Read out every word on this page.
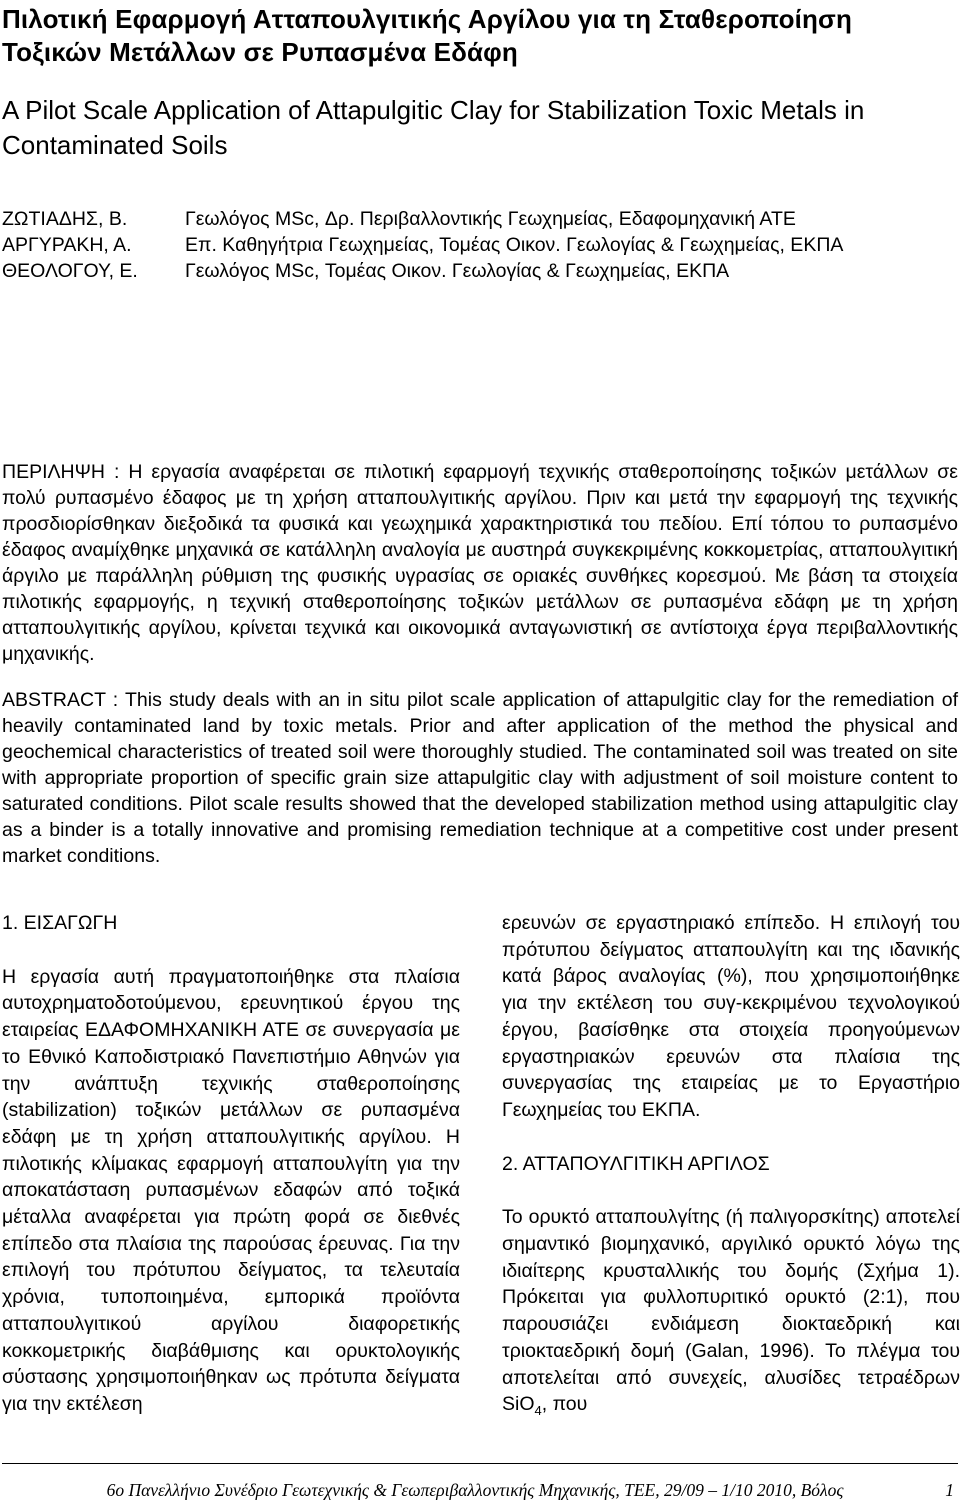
Πιλοτική Εφαρμογή Ατταπουλγιτικής Αργίλου για τη Σταθεροποίηση
Τοξικών Μετάλλων σε Ρυπασμένα Εδάφη
A Pilot Scale Application of Attapulgitic Clay for Stabilization Toxic Metals in
Contaminated Soils
ΖΩΤΙΑΔΗΣ, Β.	Γεωλόγος MSc, Δρ. Περιβαλλοντικής Γεωχημείας, Εδαφομηχανική ΑΤΕ
ΑΡΓΥΡΑΚΗ, Α.	Επ. Καθηγήτρια Γεωχημείας, Τομέας Οικον. Γεωλογίας & Γεωχημείας, ΕΚΠΑ
ΘΕΟΛΟΓΟΥ, Ε. Γεωλόγος MSc, Τομέας Οικον. Γεωλογίας & Γεωχημείας, ΕΚΠΑ

ΠΕΡΙΛΗΨΗ : Η εργασία αναφέρεται σε πιλοτική εφαρμογή τεχνικής σταθεροποίησης τοξικών μετάλλων σε πολύ ρυπασμένο έδαφος με τη χρήση ατταπουλγιτικής αργίλου. Πριν και μετά την εφαρμογή της τεχνικής προσδιορίσθηκαν διεξοδικά τα φυσικά και γεωχημικά χαρακτηριστικά του πεδίου. Επί τόπου το ρυπασμένο έδαφος αναμίχθηκε μηχανικά σε κατάλληλη αναλογία με αυστηρά συγκεκριμένης κοκκομετρίας, ατταπουλγιτική άργιλο με παράλληλη ρύθμιση της φυσικής υγρασίας σε οριακές συνθήκες κορεσμού. Με βάση τα στοιχεία πιλοτικής εφαρμογής, η τεχνική σταθεροποίησης τοξικών μετάλλων σε ρυπασμένα εδάφη με τη χρήση ατταπουλγιτικής αργίλου, κρίνεται τεχνικά και οικονομικά ανταγωνιστική σε αντίστοιχα έργα περιβαλλοντικής μηχανικής.

ABSTRACT : This study deals with an in situ pilot scale application of attapulgitic clay for the remediation of heavily contaminated land by toxic metals. Prior and after application of the method the physical and geochemical characteristics of treated soil were thoroughly studied. The contaminated soil was treated on site with appropriate proportion of specific grain size attapulgitic clay with adjustment of soil moisture content to saturated conditions. Pilot scale results showed that the developed stabilization method using attapulgitic clay as a binder is a totally innovative and promising remediation technique at a competitive cost under present market conditions.

1. ΕΙΣΑΓΩΓΗ
Η εργασία αυτή πραγματοποιήθηκε στα πλαίσια αυτοχρηματοδοτούμενου, ερευνητικού έργου της εταιρείας ΕΔΑΦΟΜΗΧΑΝΙΚΗ ΑΤΕ σε συνεργασία με το Εθνικό Καποδιστριακό Πανεπιστήμιο Αθηνών για την ανάπτυξη τεχνικής σταθεροποίησης (stabilization) τοξικών μετάλλων σε ρυπασμένα εδάφη με τη χρήση ατταπουλγιτικής αργίλου. Η πιλοτικής κλίμακας εφαρμογή ατταπουλγίτη για την αποκατάσταση ρυπασμένων εδαφών από τοξικά μέταλλα αναφέρεται για πρώτη φορά σε διεθνές επίπεδο στα πλαίσια της παρούσας έρευνας. Για την επιλογή του πρότυπου δείγματος, τα τελευταία χρόνια, τυποποιημένα, εμπορικά προϊόντα ατταπουλγιτικού αργίλου διαφορετικής κοκκομετρικής διαβάθμισης και ορυκτολογικής σύστασης χρησιμοποιήθηκαν ως πρότυπα δείγματα για την εκτέλεση
ερευνών σε εργαστηριακό επίπεδο. Η επιλογή του πρότυπου δείγματος ατταπουλγίτη και της ιδανικής κατά βάρος αναλογίας (%), που χρησιμοποιήθηκε για την εκτέλεση του συγ-κεκριμένου τεχνολογικού έργου, βασίσθηκε στα στοιχεία προηγούμενων εργαστηριακών ερευνών στα πλαίσια της συνεργασίας της εταιρείας με το Εργαστήριο Γεωχημείας του ΕΚΠΑ.
2. ΑΤΤΑΠΟΥΛΓΙΤΙΚΗ ΑΡΓΙΛΟΣ
Το ορυκτό ατταπουλγίτης (ή παλιγορσκίτης) αποτελεί σημαντικό βιομηχανικό, αργιλικό ορυκτό λόγω της ιδιαίτερης κρυσταλλικής του δομής (Σχήμα 1). Πρόκειται για φυλλοπυριτικό ορυκτό (2:1), που παρουσιάζει ενδιάμεση διοκταεδρική και τριοκταεδρική δομή (Galan, 1996). Το πλέγμα του αποτελείται από συνεχείς, αλυσίδες τετραέδρων SiO$_4$, που
6ο Πανελλήνιο Συνέδριο Γεωτεχνικής & Γεωπεριβαλλοντικής Μηχανικής, ΤΕΕ, 29/09 – 1/10 2010, Βόλος	1
